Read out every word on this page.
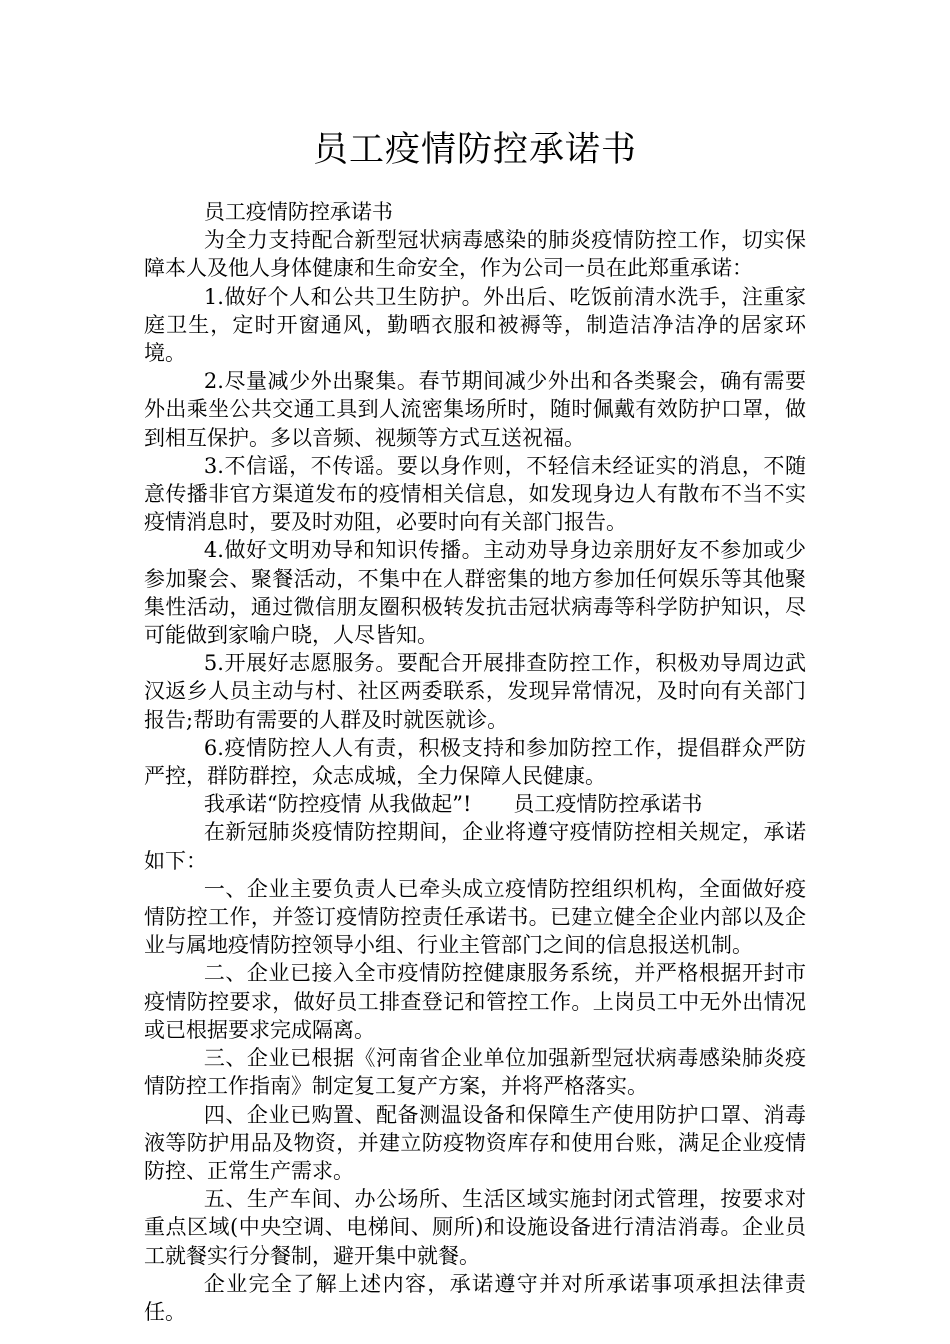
员工疫情防控承诺书

员工疫情防控承诺书

为全力支持配合新型冠状病毒感染的肺炎疫情防控工作，切实保障本人及他人身体健康和生命安全，作为公司一员在此郑重承诺：

1.做好个人和公共卫生防护。外出后、吃饭前清水洗手，注重家庭卫生，定时开窗通风，勤晒衣服和被褥等，制造洁净洁净的居家环境。

2.尽量减少外出聚集。春节期间减少外出和各类聚会，确有需要外出乘坐公共交通工具到人流密集场所时，随时佩戴有效防护口罩，做到相互保护。多以音频、视频等方式互送祝福。

3.不信谣，不传谣。要以身作则，不轻信未经证实的消息，不随意传播非官方渠道发布的疫情相关信息，如发现身边人有散布不当不实疫情消息时，要及时劝阻，必要时向有关部门报告。

4.做好文明劝导和知识传播。主动劝导身边亲朋好友不参加或少参加聚会、聚餐活动，不集中在人群密集的地方参加任何娱乐等其他聚集性活动，通过微信朋友圈积极转发抗击冠状病毒等科学防护知识，尽可能做到家喻户晓，人尽皆知。

5.开展好志愿服务。要配合开展排查防控工作，积极劝导周边武汉返乡人员主动与村、社区两委联系，发现异常情况，及时向有关部门报告;帮助有需要的人群及时就医就诊。

6.疫情防控人人有责，积极支持和参加防控工作，提倡群众严防严控，群防群控，众志成城，全力保障人民健康。

我承诺“防控疫情 从我做起”!　　员工疫情防控承诺书

在新冠肺炎疫情防控期间，企业将遵守疫情防控相关规定，承诺如下：

一、企业主要负责人已牵头成立疫情防控组织机构，全面做好疫情防控工作，并签订疫情防控责任承诺书。已建立健全企业内部以及企业与属地疫情防控领导小组、行业主管部门之间的信息报送机制。

二、企业已接入全市疫情防控健康服务系统，并严格根据开封市疫情防控要求，做好员工排查登记和管控工作。上岗员工中无外出情况或已根据要求完成隔离。

三、企业已根据《河南省企业单位加强新型冠状病毒感染肺炎疫情防控工作指南》制定复工复产方案，并将严格落实。

四、企业已购置、配备测温设备和保障生产使用防护口罩、消毒液等防护用品及物资，并建立防疫物资库存和使用台账，满足企业疫情防控、正常生产需求。

五、生产车间、办公场所、生活区域实施封闭式管理，按要求对重点区域(中央空调、电梯间、厕所)和设施设备进行清洁消毒。企业员工就餐实行分餐制，避开集中就餐。

企业完全了解上述内容，承诺遵守并对所承诺事项承担法律责任。
